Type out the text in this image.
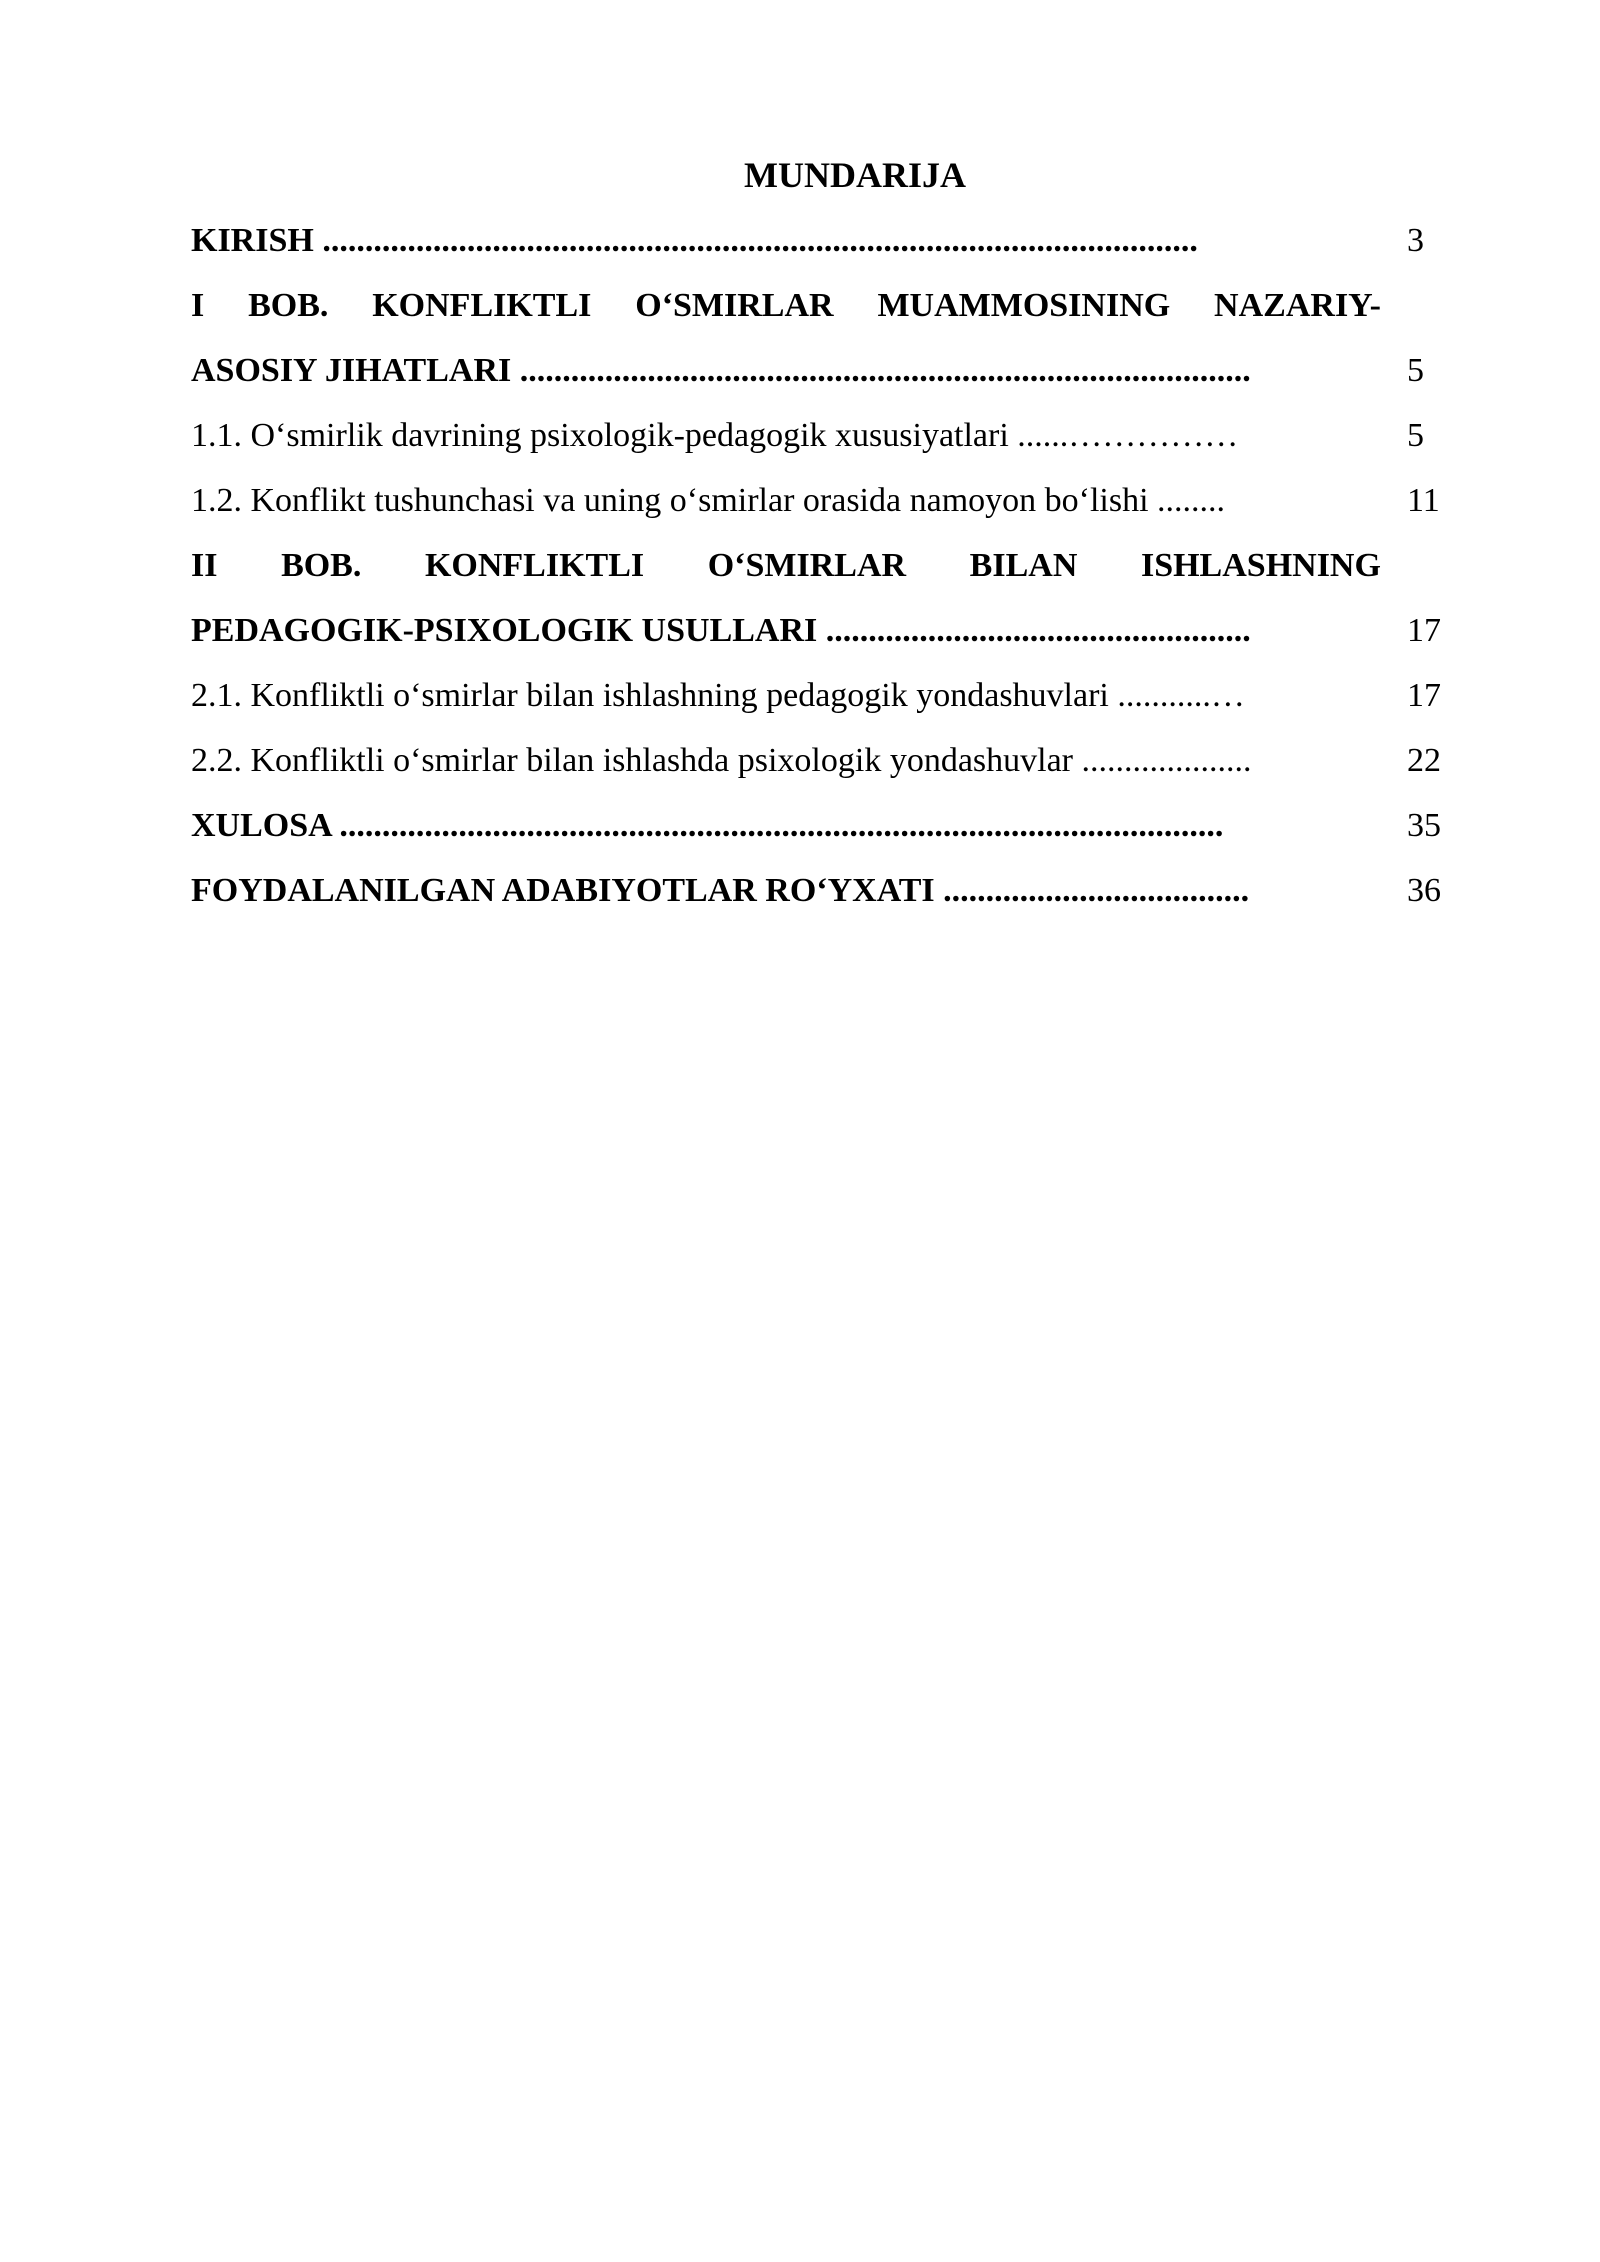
MUNDARIJA
KIRISH .......................................................................................................	3
I BOB. KONFLIKTLI O‘SMIRLAR MUAMMOSINING NAZARIY-
ASOSIY JIHATLARI ......................................................................................	5
1.1. O‘smirlik davrining psixologik-pedagogik xususiyatlari ......……………	5
1.2. Konflikt tushunchasi va uning o‘smirlar orasida namoyon bo‘lishi ........	11
II BOB. KONFLIKTLI O‘SMIRLAR BILAN ISHLASHNING
PEDAGOGIK-PSIXOLOGIK USULLARI ..................................................	17
2.1. Konfliktli o‘smirlar bilan ishlashning pedagogik yondashuvlari ...........…	17
2.2. Konfliktli o‘smirlar bilan ishlashda psixologik yondashuvlar ....................	22
XULOSA ........................................................................................................	35
FOYDALANILGAN ADABIYOTLAR RO‘YXATI ....................................	36
